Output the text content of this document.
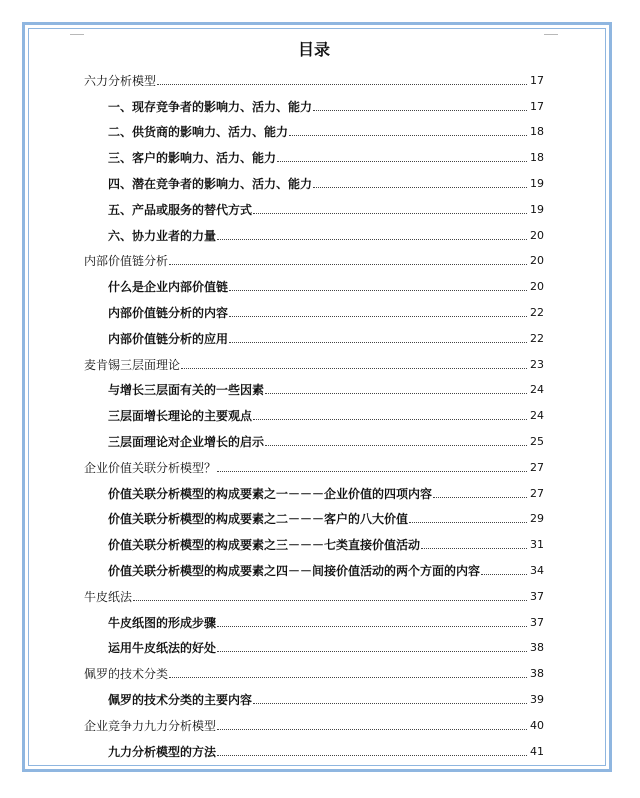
目录
六力分析模型	17
一、现存竞争者的影响力、活力、能力	17
二、供货商的影响力、活力、能力	18
三、客户的影响力、活力、能力	18
四、潜在竞争者的影响力、活力、能力	19
五、产品或服务的替代方式	19
六、协力业者的力量	20
内部价值链分析	20
什么是企业内部价值链	20
内部价值链分析的内容	22
内部价值链分析的应用	22
麦肯锡三层面理论	23
与增长三层面有关的一些因素	24
三层面增长理论的主要观点	24
三层面理论对企业增长的启示	25
企业价值关联分析模型？	27
价值关联分析模型的构成要素之一－－－企业价值的四项内容	27
价值关联分析模型的构成要素之二－－－客户的八大价值	29
价值关联分析模型的构成要素之三－－－七类直接价值活动	31
价值关联分析模型的构成要素之四－－间接价值活动的两个方面的内容	34
牛皮纸法	37
牛皮纸图的形成步骤	37
运用牛皮纸法的好处	38
佩罗的技术分类	38
佩罗的技术分类的主要内容	39
企业竞争力九力分析模型	40
九力分析模型的方法	41
